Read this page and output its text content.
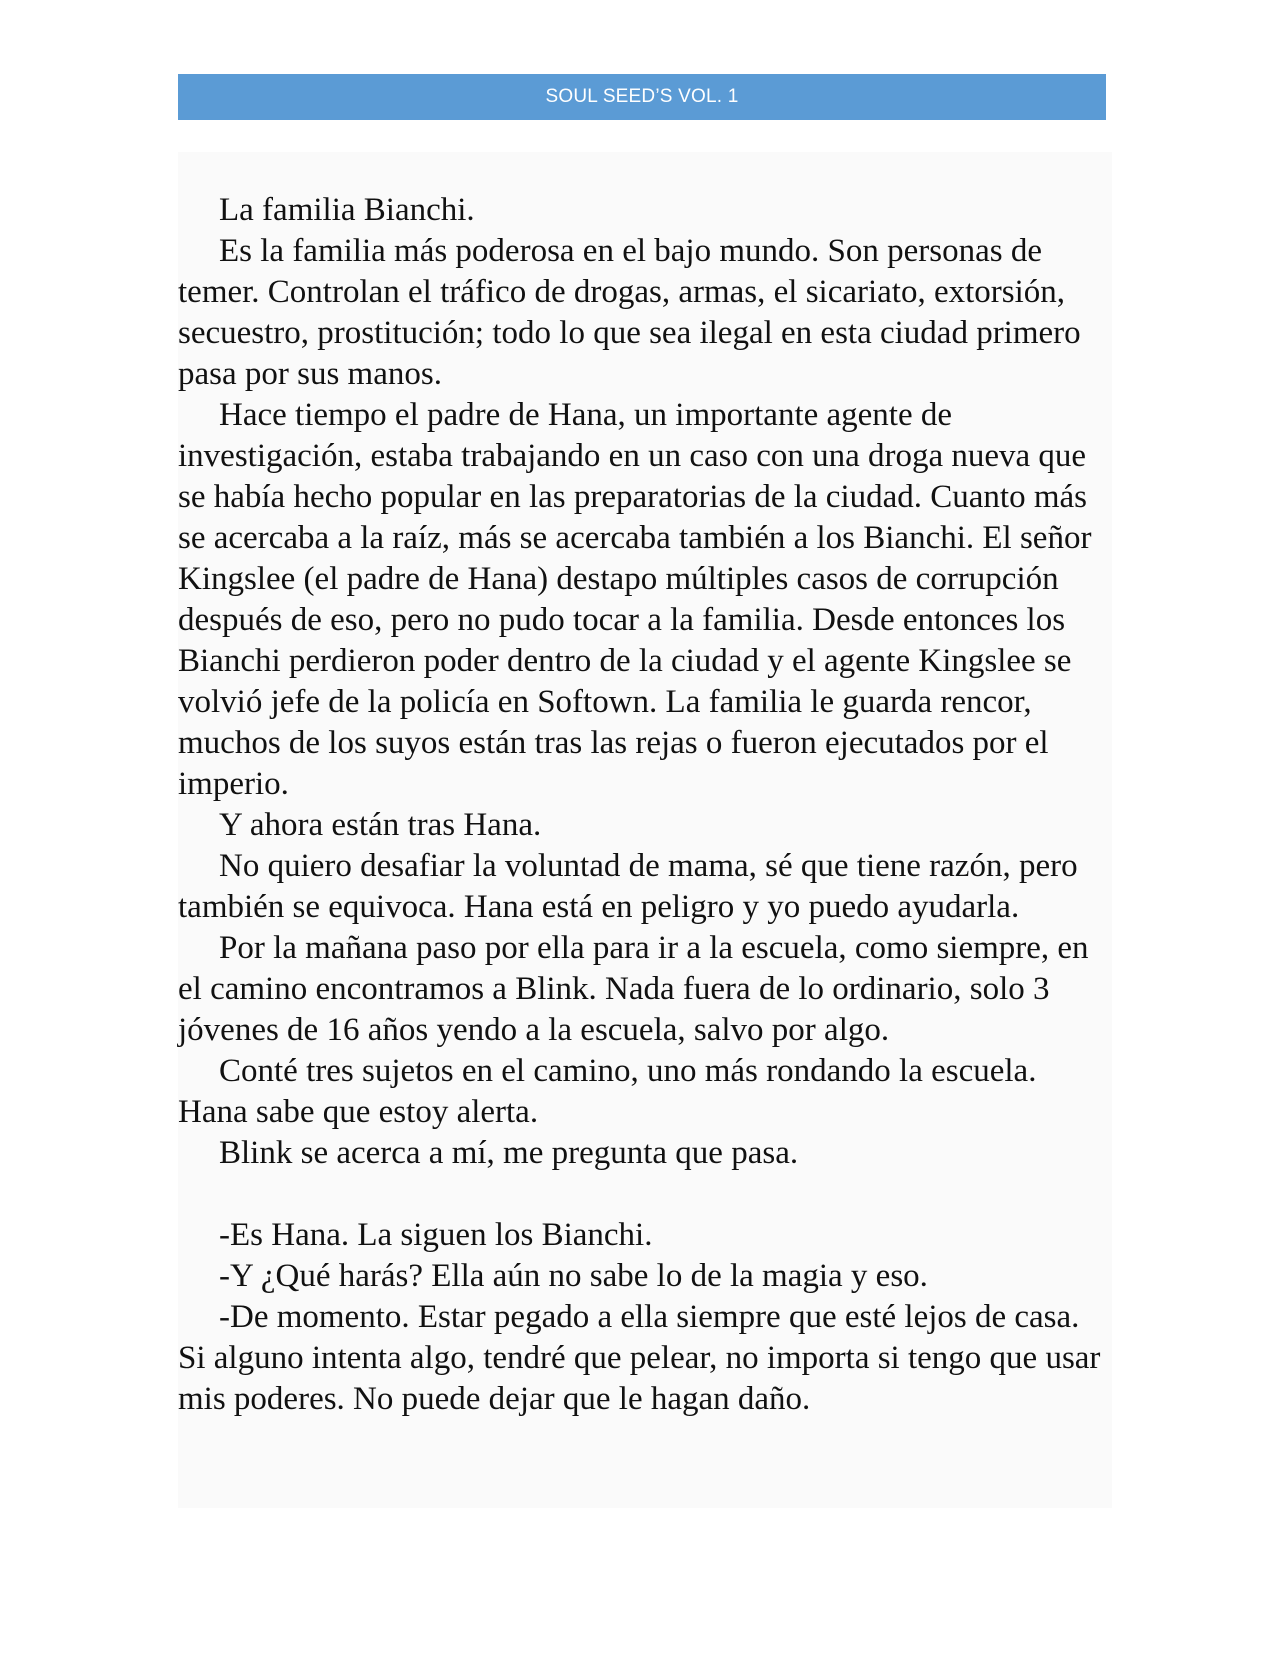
SOUL SEED’S VOL. 1

La familia Bianchi.

Es la familia más poderosa en el bajo mundo. Son personas de temer. Controlan el tráfico de drogas, armas, el sicariato, extorsión, secuestro, prostitución; todo lo que sea ilegal en esta ciudad primero pasa por sus manos.

Hace tiempo el padre de Hana, un importante agente de investigación, estaba trabajando en un caso con una droga nueva que se había hecho popular en las preparatorias de la ciudad. Cuanto más se acercaba a la raíz, más se acercaba también a los Bianchi. El señor Kingslee (el padre de Hana) destapo múltiples casos de corrupción después de eso, pero no pudo tocar a la familia. Desde entonces los Bianchi perdieron poder dentro de la ciudad y el agente Kingslee se volvió jefe de la policía en Softown. La familia le guarda rencor, muchos de los suyos están tras las rejas o fueron ejecutados por el imperio.

Y ahora están tras Hana.

No quiero desafiar la voluntad de mama, sé que tiene razón, pero también se equivoca. Hana está en peligro y yo puedo ayudarla.

Por la mañana paso por ella para ir a la escuela, como siempre, en el camino encontramos a Blink. Nada fuera de lo ordinario, solo 3 jóvenes de 16 años yendo a la escuela, salvo por algo.

Conté tres sujetos en el camino, uno más rondando la escuela. Hana sabe que estoy alerta.

Blink se acerca a mí, me pregunta que pasa.

-Es Hana. La siguen los Bianchi.

-Y ¿Qué harás? Ella aún no sabe lo de la magia y eso.

-De momento. Estar pegado a ella siempre que esté lejos de casa. Si alguno intenta algo, tendré que pelear, no importa si tengo que usar mis poderes. No puede dejar que le hagan daño.
